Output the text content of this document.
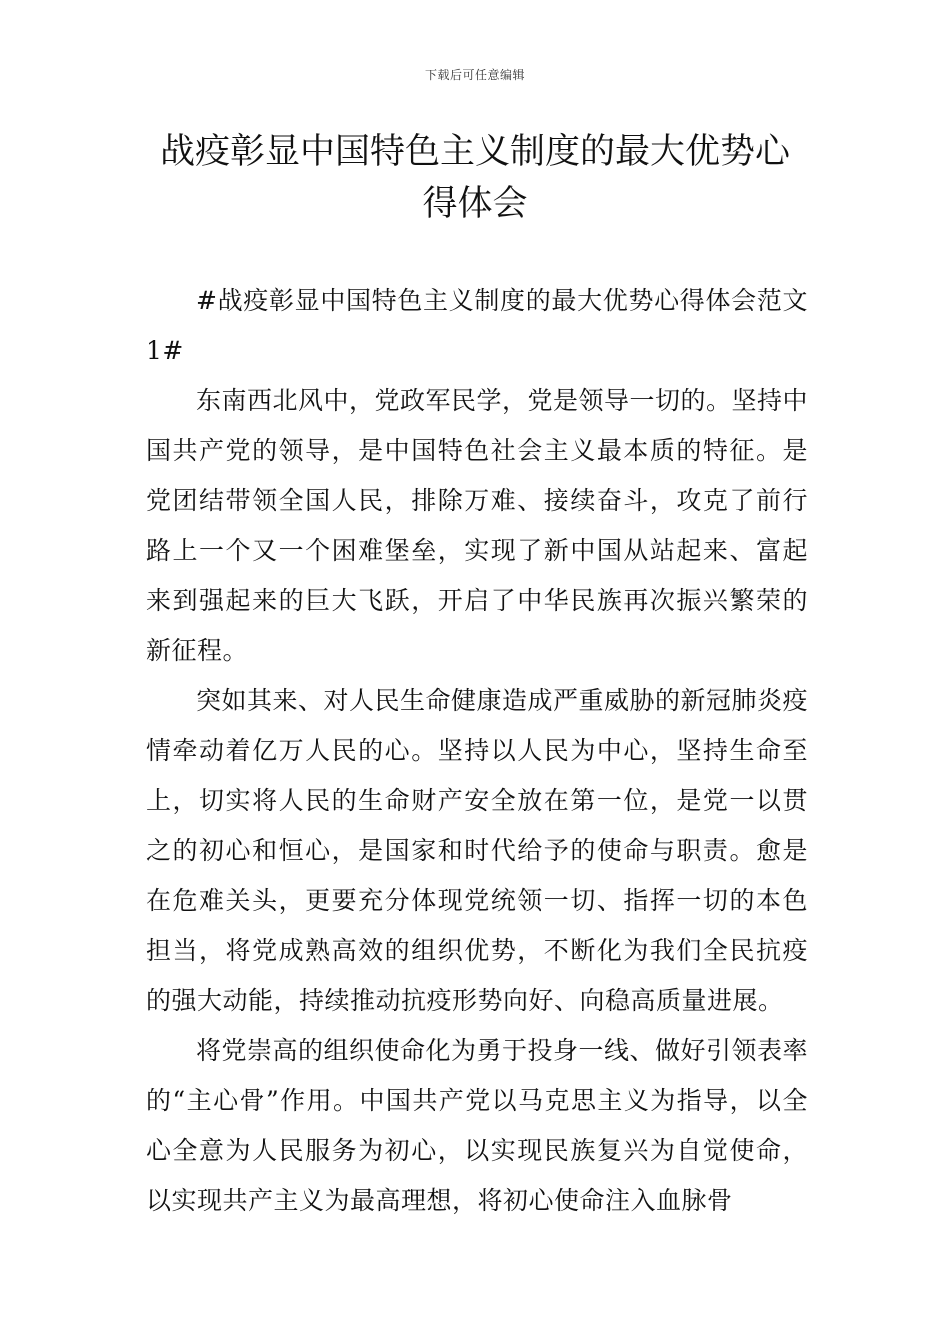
下载后可任意编辑
战疫彰显中国特色主义制度的最大优势心
得体会

#战疫彰显中国特色主义制度的最大优势心得体会范文1#

东南西北风中，党政军民学，党是领导一切的。坚持中国共产党的领导，是中国特色社会主义最本质的特征。是党团结带领全国人民，排除万难、接续奋斗，攻克了前行路上一个又一个困难堡垒，实现了新中国从站起来、富起来到强起来的巨大飞跃，开启了中华民族再次振兴繁荣的新征程。

突如其来、对人民生命健康造成严重威胁的新冠肺炎疫情牵动着亿万人民的心。坚持以人民为中心，坚持生命至上，切实将人民的生命财产安全放在第一位，是党一以贯之的初心和恒心，是国家和时代给予的使命与职责。愈是在危难关头，更要充分体现党统领一切、指挥一切的本色担当，将党成熟高效的组织优势，不断化为我们全民抗疫的强大动能，持续推动抗疫形势向好、向稳高质量进展。

将党崇高的组织使命化为勇于投身一线、做好引领表率的“主心骨”作用。中国共产党以马克思主义为指导，以全心全意为人民服务为初心，以实现民族复兴为自觉使命，以实现共产主义为最高理想，将初心使命注入血脉骨
